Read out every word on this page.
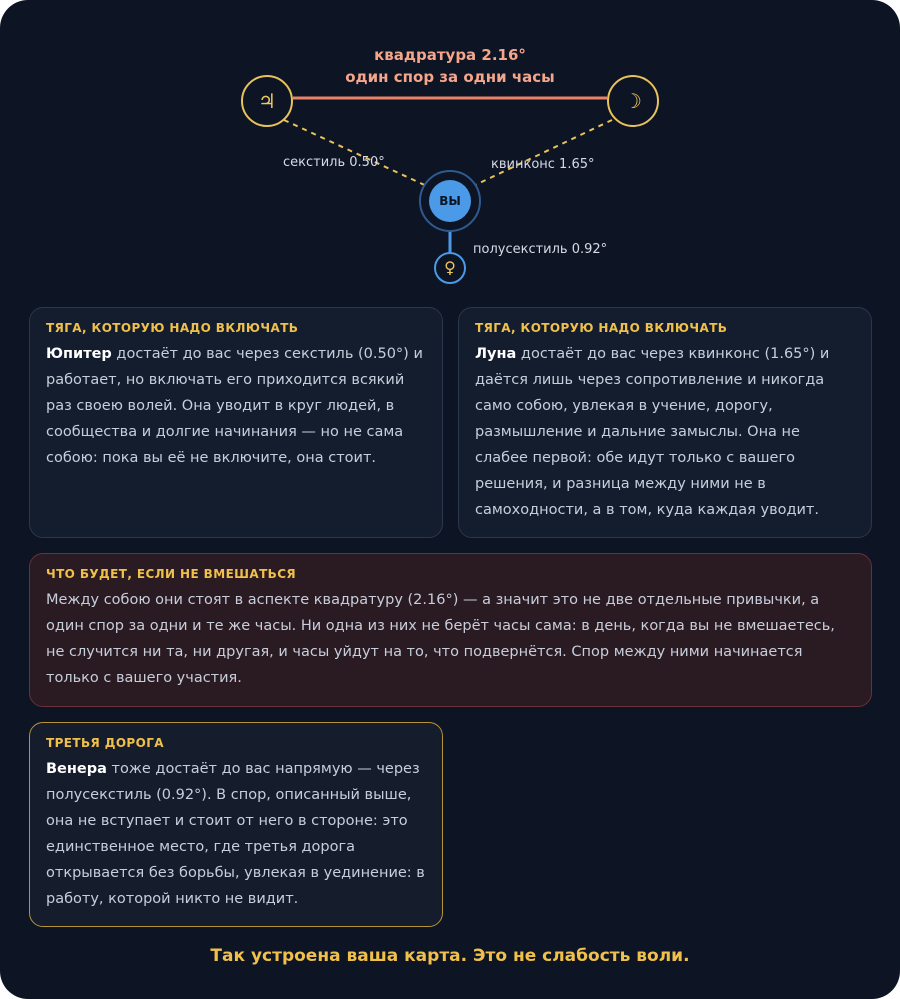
квадратура 2.16°
один спор за одни часы
♃	☽
♀
ВЫ
секстиль 0.50°	квинконс 1.65°
полусекстиль 0.92°
ТЯГА, КОТОРУЮ НАДО ВКЛЮЧАТЬ
Юпитер достаёт до вас через секстиль (0.50°) и работает, но включать его приходится всякий раз своею волей. Она уводит в круг людей, в сообщества и долгие начинания — но не сама собою: пока вы её не включите, она стоит.
ТЯГА, КОТОРУЮ НАДО ВКЛЮЧАТЬ
Луна достаёт до вас через квинконс (1.65°) и даётся лишь через сопротивление и никогда само собою, увлекая в учение, дорогу, размышление и дальние замыслы. Она не слабее первой: обе идут только с вашего решения, и разница между ними не в самоходности, а в том, куда каждая уводит.
ЧТО БУДЕТ, ЕСЛИ НЕ ВМЕШАТЬСЯ
Между собою они стоят в аспекте квадратуру (2.16°) — а значит это не две отдельные привычки, а один спор за одни и те же часы. Ни одна из них не берёт часы сама: в день, когда вы не вмешаетесь, не случится ни та, ни другая, и часы уйдут на то, что подвернётся. Спор между ними начинается только с вашего участия.
ТРЕТЬЯ ДОРОГА
Венера тоже достаёт до вас напрямую — через полусекстиль (0.92°). В спор, описанный выше, она не вступает и стоит от него в стороне: это единственное место, где третья дорога открывается без борьбы, увлекая в уединение: в работу, которой никто не видит.
Так устроена ваша карта. Это не слабость воли.
